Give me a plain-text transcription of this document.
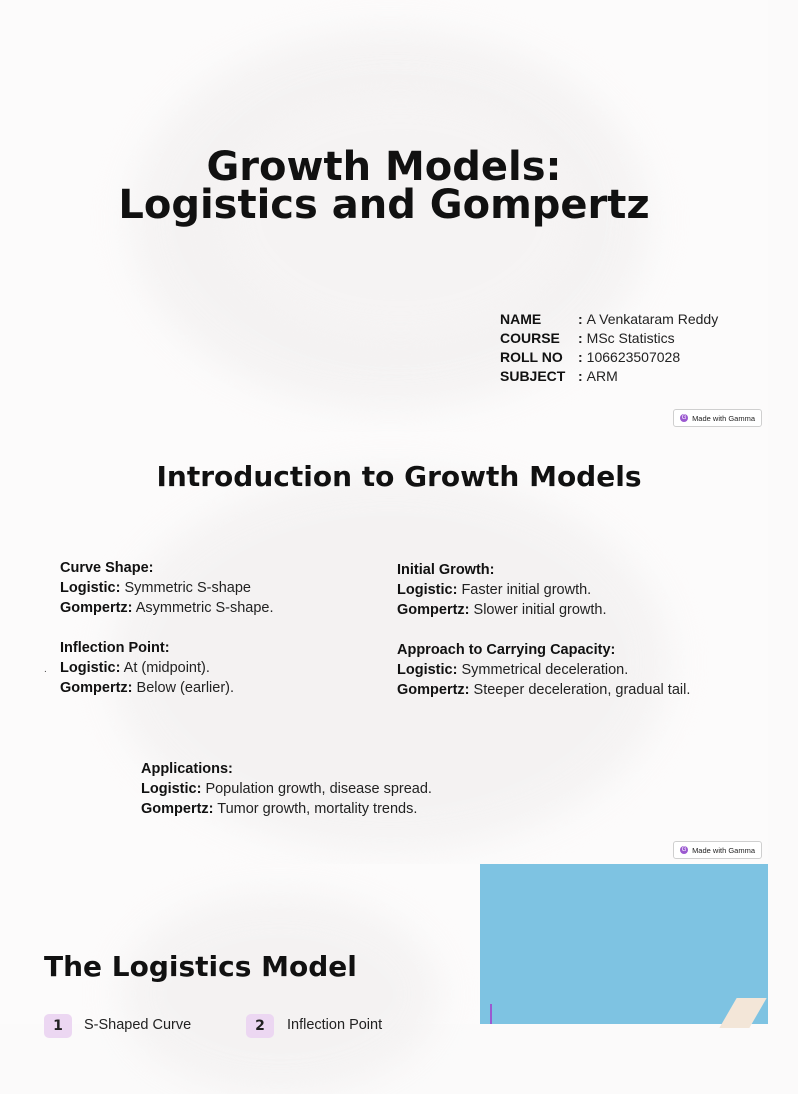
Growth Models:
Logistics and Gompertz
NAME	: A Venkataram Reddy
COURSE	: MSc Statistics
ROLL NO	: 106623507028
SUBJECT : ARM
G Made with Gamma
Introduction to Growth Models
Curve Shape:
Logistic: Symmetric S-shape
Gompertz: Asymmetric S-shape.
Inflection Point:
Logistic: At (midpoint).
Gompertz: Below (earlier).
.
Initial Growth:
Logistic: Faster initial growth.
Gompertz: Slower initial growth.
Approach to Carrying Capacity:
Logistic: Symmetrical deceleration.
Gompertz: Steeper deceleration, gradual tail.
Applications:
Logistic: Population growth, disease spread.
Gompertz: Tumor growth, mortality trends.
G Made with Gamma
The Logistics Model
1	S-Shaped Curve	2	Inflection Point
